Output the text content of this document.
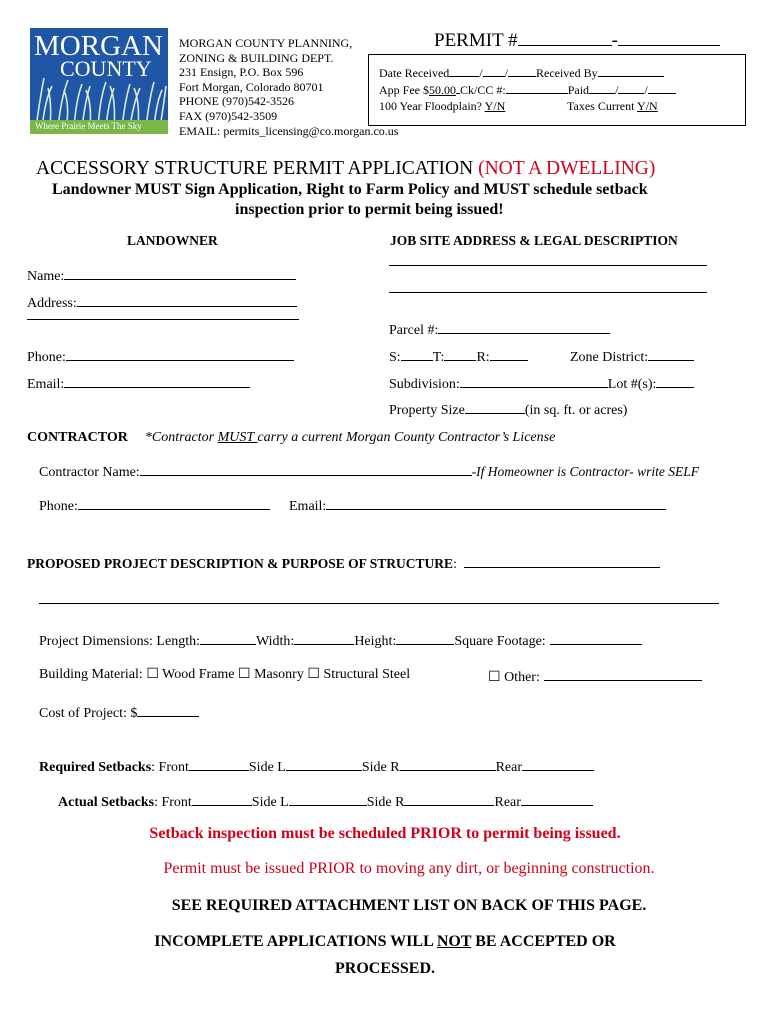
MORGAN
COUNTY
Where Prairie Meets The Sky
MORGAN COUNTY PLANNING,
ZONING & BUILDING DEPT.
231 Ensign, P.O. Box 596
Fort Morgan, Colorado 80701
PHONE (970)542-3526
FAX (970)542-3509
EMAIL: permits_licensing@co.morgan.co.us
PERMIT #	-
Date Received	/ / Received By
App Fee $50.00 Ck/CC #:	Paid / /
100 Year Floodplain? Y/N	Taxes Current Y/N
ACCESSORY STRUCTURE PERMIT APPLICATION (NOT A DWELLING)
Landowner MUST Sign Application, Right to Farm Policy and MUST schedule setback
inspection prior to permit being issued!
LANDOWNER
Name:
Address:
Phone:
Email:
JOB SITE ADDRESS & LEGAL DESCRIPTION
Parcel #:
S: T: R:	Zone District:
Subdivision:	Lot #(s):
Property Size	(in sq. ft. or acres)
CONTRACTOR *Contractor MUST carry a current Morgan County Contractor’s License
Contractor Name:	-If Homeowner is Contractor- write SELF
Phone:	Email:
PROPOSED PROJECT DESCRIPTION & PURPOSE OF STRUCTURE:
Project Dimensions: Length:	Width:	Height:	Square Footage:
Building Material: ☐ Wood Frame ☐ Masonry ☐ Structural Steel	☐ Other:
Cost of Project: $
Required Setbacks: Front	Side L	Side R	Rear
Actual Setbacks: Front	Side L	Side R	Rear
Setback inspection must be scheduled PRIOR to permit being issued.
Permit must be issued PRIOR to moving any dirt, or beginning construction.
SEE REQUIRED ATTACHMENT LIST ON BACK OF THIS PAGE.
INCOMPLETE APPLICATIONS WILL NOT BE ACCEPTED OR
PROCESSED.
